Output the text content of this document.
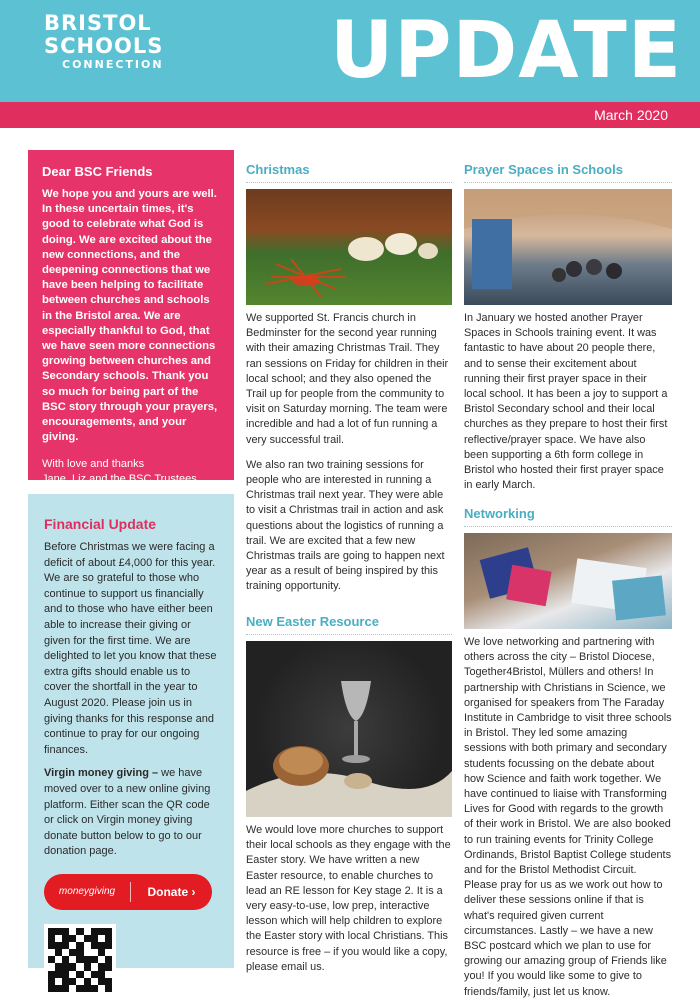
BRISTOL
SCHOOLS
CONNECTION	UPDATE
March 2020
Dear BSC Friends

We hope you and yours are well. In these uncertain times, it's good to celebrate what God is doing. We are excited about the new connections, and the deepening connections that we have been helping to facilitate between churches and schools in the Bristol area. We are especially thankful to God, that we have seen more connections growing between churches and Secondary schools. Thank you so much for being part of the BSC story through your prayers, encouragements, and your giving.

With love and thanks
Jane, Liz and the BSC Trustees

Financial Update

Before Christmas we were facing a deficit of about £4,000 for this year. We are so grateful to those who continue to support us financially and to those who have either been able to increase their giving or given for the first time. We are delighted to let you know that these extra gifts should enable us to cover the shortfall in the year to August 2020. Please join us in giving thanks for this response and continue to pray for our ongoing finances.

Virgin money giving – we have moved over to a new online giving platform. Either scan the QR code or click on Virgin money giving donate button below to go to our donation page.

moneygiving	Donate ›
Christmas

We supported St. Francis church in Bedminster for the second year running with their amazing Christmas Trail. They ran sessions on Friday for children in their local school; and they also opened the Trail up for people from the community to visit on Saturday morning. The team were incredible and had a lot of fun running a very successful trail.

We also ran two training sessions for people who are interested in running a Christmas trail next year. They were able to visit a Christmas trail in action and ask questions about the logistics of running a trail. We are excited that a few new Christmas trails are going to happen next year as a result of being inspired by this training opportunity.

New Easter Resource

We would love more churches to support their local schools as they engage with the Easter story. We have written a new Easter resource, to enable churches to lead an RE lesson for Key stage 2. It is a very easy-to-use, low prep, interactive lesson which will help children to explore the Easter story with local Christians. This resource is free – if you would like a copy, please email us.

Prayer Spaces in Schools

In January we hosted another Prayer Spaces in Schools training event. It was fantastic to have about 20 people there, and to sense their excitement about running their first prayer space in their local school. It has been a joy to support a Bristol Secondary school and their local churches as they prepare to host their first reflective/prayer space. We have also been supporting a 6th form college in Bristol who hosted their first prayer space in early March.

Networking

We love networking and partnering with others across the city – Bristol Diocese, Together4Bristol, Müllers and others! In partnership with Christians in Science, we organised for speakers from The Faraday Institute in Cambridge to visit three schools in Bristol. They led some amazing sessions with both primary and secondary students focussing on the debate about how Science and faith work together. We have continued to liaise with Transforming Lives for Good with regards to the growth of their work in Bristol. We are also booked to run training events for Trinity College Ordinands, Bristol Baptist College students and for the Bristol Methodist Circuit. Please pray for us as we work out how to deliver these sessions online if that is what's required given current circumstances. Lastly – we have a new BSC postcard which we plan to use for growing our amazing group of Friends like you! If you would like some to give to friends/family, just let us know.
